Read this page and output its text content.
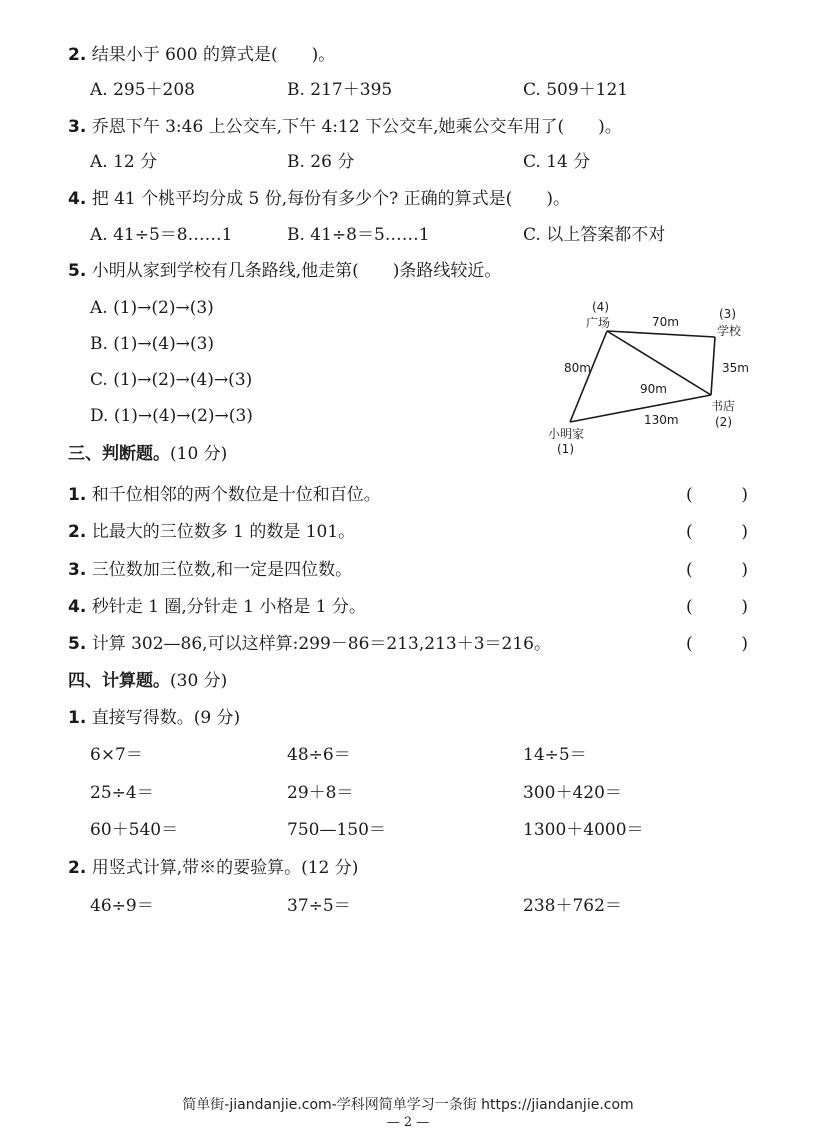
2. 结果小于 600 的算式是(　　)。
A. 295＋208	B. 217＋395	C. 509＋121
3. 乔恩下午 3:46 上公交车,下午 4:12 下公交车,她乘公交车用了(　　)。
A. 12 分	B. 26 分	C. 14 分
4. 把 41 个桃平均分成 5 份,每份有多少个? 正确的算式是(　　)。
A. 41÷5＝8……1	B. 41÷8＝5……1	C. 以上答案都不对
5. 小明从家到学校有几条路线,他走第(　　)条路线较近。
A. (1)→(2)→(3)
B. (1)→(4)→(3)
C. (1)→(2)→(4)→(3)
D. (1)→(4)→(2)→(3)
(4)
广场
(3)
学校
书店
(2)
小明家
(1)
70m
35m
80m
90m
130m
三、判断题。(10 分)
1. 和千位相邻的两个数位是十位和百位。	(	)
2. 比最大的三位数多 1 的数是 101。	(	)
3. 三位数加三位数,和一定是四位数。	(	)
4. 秒针走 1 圈,分针走 1 小格是 1 分。	(	)
5. 计算 302—86,可以这样算:299－86＝213,213＋3＝216。	(	)
四、计算题。(30 分)
1. 直接写得数。(9 分)
6×7＝	48÷6＝	14÷5＝
25÷4＝	29＋8＝	300＋420＝
60＋540＝	750—150＝	1300＋4000＝
2. 用竖式计算,带※的要验算。(12 分)
46÷9＝	37÷5＝	238＋762＝
简单街-jiandanjie.com-学科网简单学习一条街 https://jiandanjie.com
— 2 —
